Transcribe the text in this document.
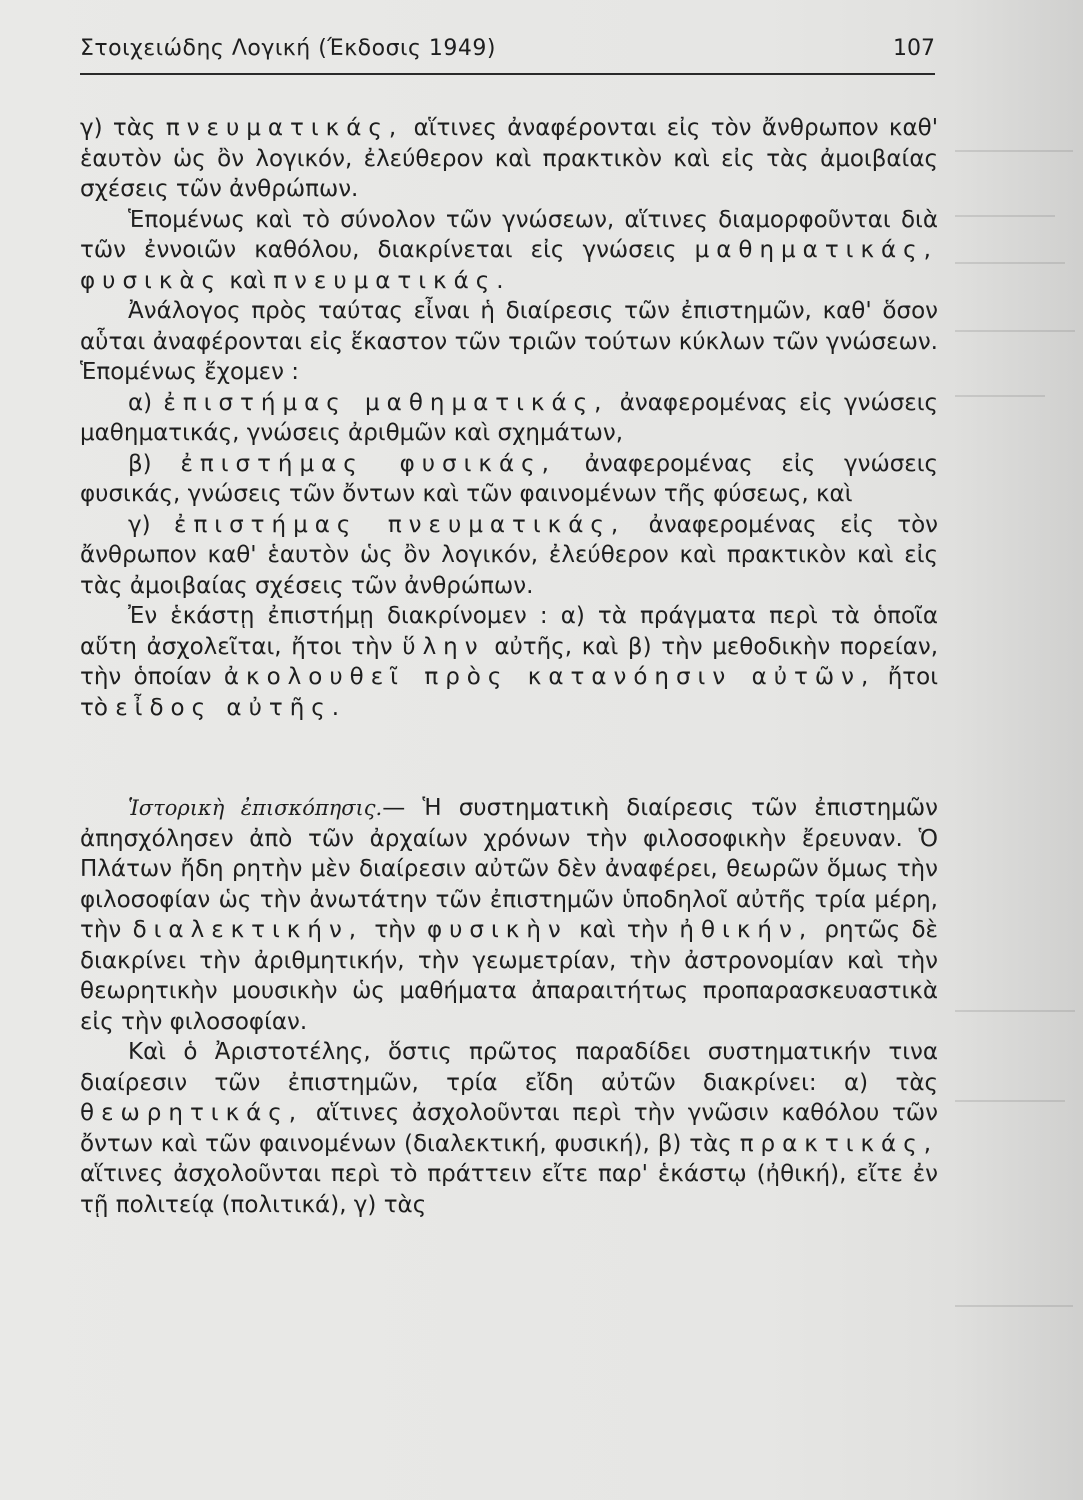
Στοιχειώδης Λογική (Έκδοσις 1949)	107

γ) τὰς πνευματικάς, αἵτινες ἀναφέρονται εἰς τὸν ἄνθρωπον καθ' ἑαυτὸν ὡς ὂν λογικόν, ἐλεύθερον καὶ πρακτικὸν καὶ εἰς τὰς ἀμοιβαίας σχέσεις τῶν ἀνθρώπων.

Ἑπομένως καὶ τὸ σύνολον τῶν γνώσεων, αἵτινες διαμορφοῦνται διὰ τῶν ἐννοιῶν καθόλου, διακρίνεται εἰς γνώσεις μαθηματικάς, φυσικὰς καὶ πνευματικάς.

Ἀνάλογος πρὸς ταύτας εἶναι ἡ διαίρεσις τῶν ἐπιστημῶν, καθ' ὅσον αὗται ἀναφέρονται εἰς ἕκαστον τῶν τριῶν τούτων κύκλων τῶν γνώσεων. Ἑπομένως ἔχομεν :

α) ἐπιστήμας μαθηματικάς, ἀναφερομένας εἰς γνώσεις μαθηματικάς, γνώσεις ἀριθμῶν καὶ σχημάτων,

β) ἐπιστήμας φυσικάς, ἀναφερομένας εἰς γνώσεις φυσικάς, γνώσεις τῶν ὄντων καὶ τῶν φαινομένων τῆς φύσεως, καὶ

γ) ἐπιστήμας πνευματικάς, ἀναφερομένας εἰς τὸν ἄνθρωπον καθ' ἑαυτὸν ὡς ὂν λογικόν, ἐλεύθερον καὶ πρακτικὸν καὶ εἰς τὰς ἀμοιβαίας σχέσεις τῶν ἀνθρώπων.

Ἐν ἑκάστῃ ἐπιστήμῃ διακρίνομεν : α) τὰ πράγματα περὶ τὰ ὁποῖα αὕτη ἀσχολεῖται, ἤτοι τὴν ὕλην αὐτῆς, καὶ β) τὴν μεθοδικὴν πορείαν, τὴν ὁποίαν ἀκολουθεῖ πρὸς κατανόησιν αὐτῶν, ἤτοι τὸ εἶδος αὐτῆς.

Ἱστορικὴ ἐπισκόπησις.— Ἡ συστηματικὴ διαίρεσις τῶν ἐπιστημῶν ἀπησχόλησεν ἀπὸ τῶν ἀρχαίων χρόνων τὴν φιλοσοφικὴν ἔρευναν. Ὁ Πλάτων ἤδη ρητὴν μὲν διαίρεσιν αὐτῶν δὲν ἀναφέρει, θεωρῶν ὅμως τὴν φιλοσοφίαν ὡς τὴν ἀνωτάτην τῶν ἐπιστημῶν ὑποδηλοῖ αὐτῆς τρία μέρη, τὴν διαλεκτικήν, τὴν φυσικὴν καὶ τὴν ἠθικήν, ρητῶς δὲ διακρίνει τὴν ἀριθμητικήν, τὴν γεωμετρίαν, τὴν ἀστρονομίαν καὶ τὴν θεωρητικὴν μουσικὴν ὡς μαθήματα ἀπαραιτήτως προπαρασκευαστικὰ εἰς τὴν φιλοσοφίαν.

Καὶ ὁ Ἀριστοτέλης, ὅστις πρῶτος παραδίδει συστηματικήν τινα διαίρεσιν τῶν ἐπιστημῶν, τρία εἴδη αὐτῶν διακρίνει: α) τὰς θεωρητικάς, αἵτινες ἀσχολοῦνται περὶ τὴν γνῶσιν καθόλου τῶν ὄντων καὶ τῶν φαινομένων (διαλεκτική, φυσική), β) τὰς πρακτικάς, αἵτινες ἀσχολοῦνται περὶ τὸ πράττειν εἴτε παρ' ἑκάστῳ (ἠθική), εἴτε ἐν τῇ πολιτείᾳ (πολιτικά), γ) τὰς
